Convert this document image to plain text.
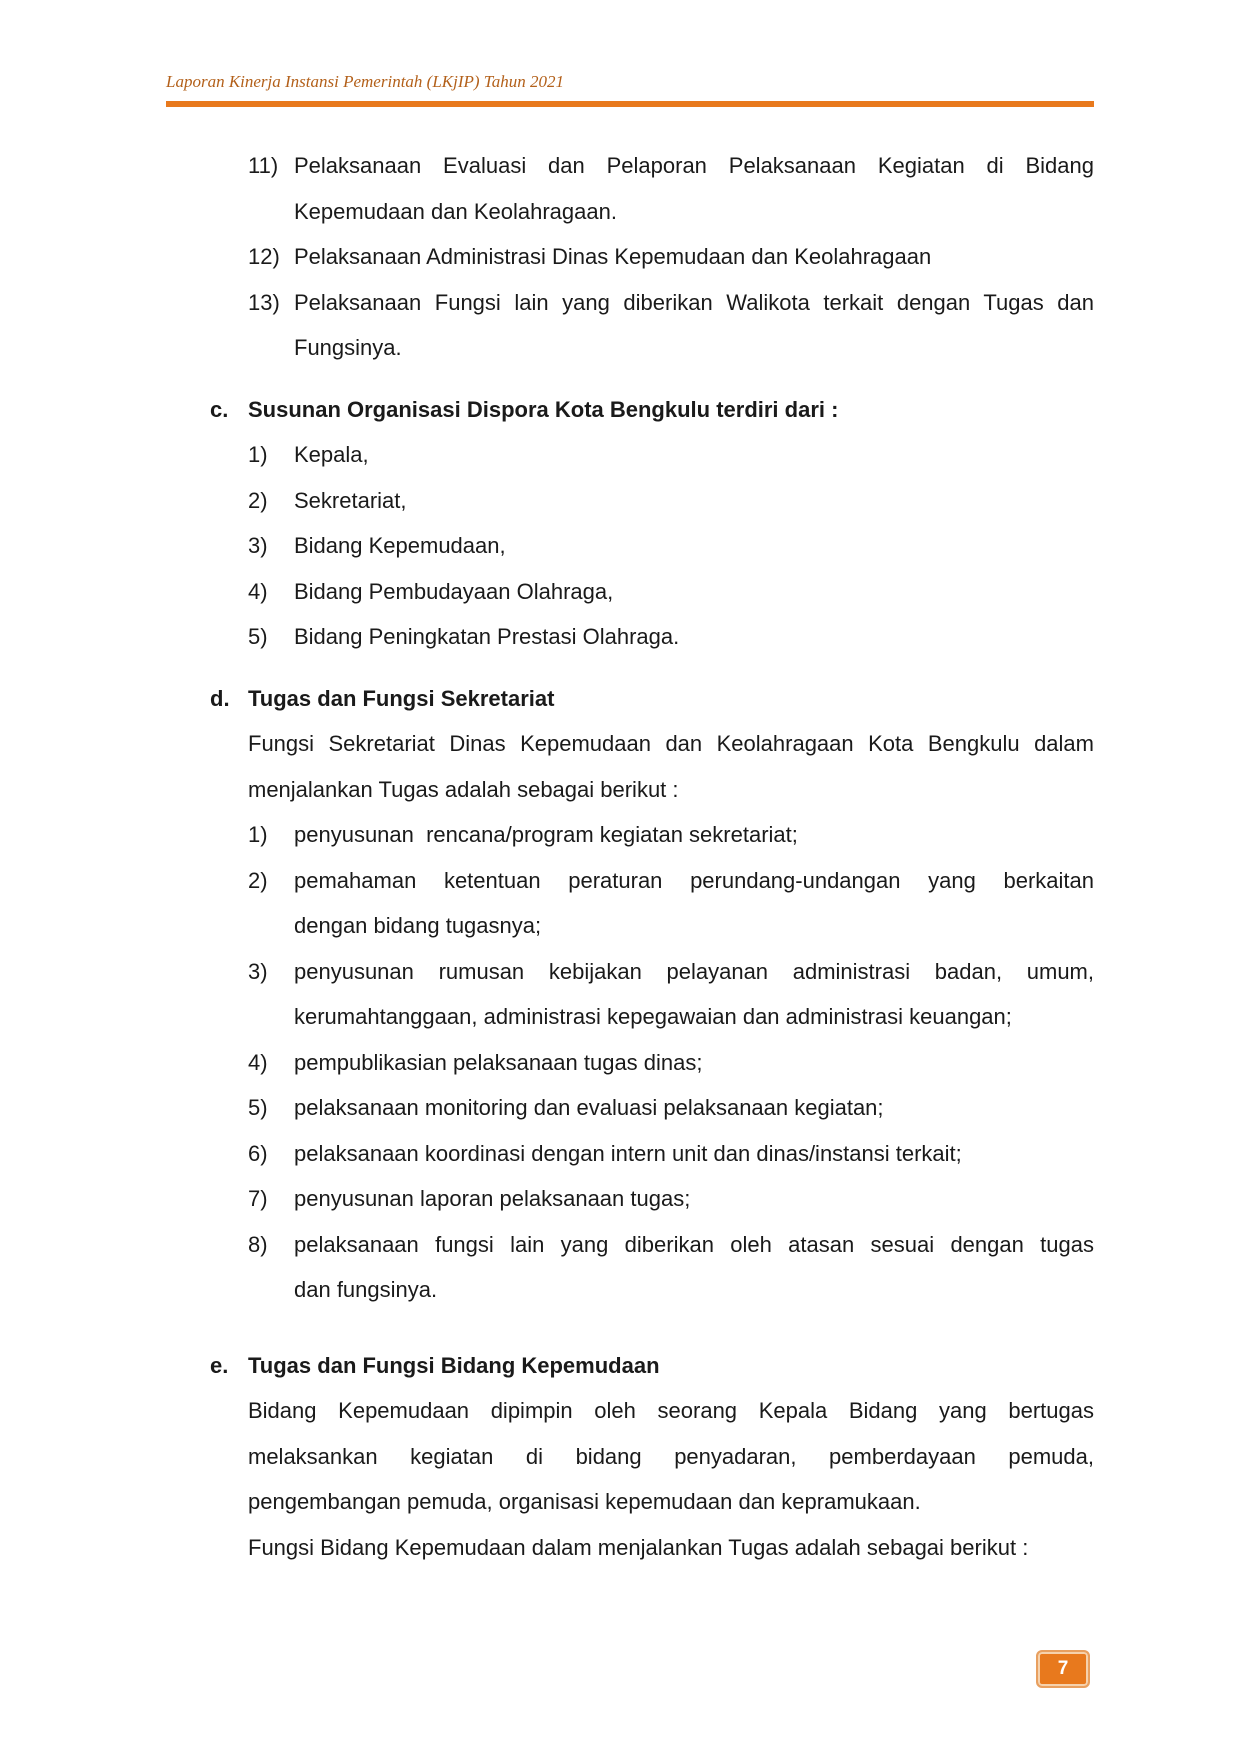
Laporan Kinerja Instansi Pemerintah (LKjIP) Tahun 2021
11) Pelaksanaan Evaluasi dan Pelaporan Pelaksanaan Kegiatan di Bidang
Kepemudaan dan Keolahragaan.
12) Pelaksanaan Administrasi Dinas Kepemudaan dan Keolahragaan
13) Pelaksanaan Fungsi lain yang diberikan Walikota terkait dengan Tugas dan
Fungsinya.
c. Susunan Organisasi Dispora Kota Bengkulu terdiri dari :
1)	Kepala,
2)	Sekretariat,
3)	Bidang Kepemudaan,
4)	Bidang Pembudayaan Olahraga,
5)	Bidang Peningkatan Prestasi Olahraga.
d. Tugas dan Fungsi Sekretariat
Fungsi Sekretariat Dinas Kepemudaan dan Keolahragaan Kota Bengkulu dalam
menjalankan Tugas adalah sebagai berikut :
1)	penyusunan  rencana/program kegiatan sekretariat;
2)	pemahaman ketentuan peraturan perundang-undangan yang berkaitan
dengan bidang tugasnya;
3)	penyusunan rumusan kebijakan pelayanan administrasi badan, umum,
kerumahtanggaan, administrasi kepegawaian dan administrasi keuangan;
4)	pempublikasian pelaksanaan tugas dinas;
5)	pelaksanaan monitoring dan evaluasi pelaksanaan kegiatan;
6)	pelaksanaan koordinasi dengan intern unit dan dinas/instansi terkait;
7)	penyusunan laporan pelaksanaan tugas;
8)	pelaksanaan fungsi lain yang diberikan oleh atasan sesuai dengan tugas
dan fungsinya.
e. Tugas dan Fungsi Bidang Kepemudaan
Bidang Kepemudaan dipimpin oleh seorang Kepala Bidang yang bertugas
melaksankan kegiatan di bidang penyadaran, pemberdayaan pemuda,
pengembangan pemuda, organisasi kepemudaan dan kepramukaan.
Fungsi Bidang Kepemudaan dalam menjalankan Tugas adalah sebagai berikut :
7
